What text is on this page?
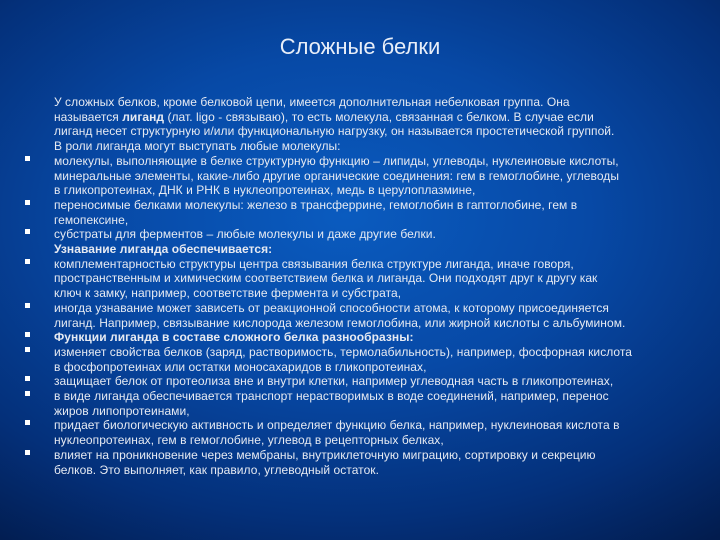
Сложные белки
У сложных белков, кроме белковой цепи, имеется дополнительная небелковая группа. Она
называется лиганд (лат. ligo - связываю), то есть молекула, связанная с белком. В случае если
лиганд несет структурную и/или функциональную нагрузку, он называется простетической группой.
В роли лиганда могут выступать любые молекулы:
молекулы, выполняющие в белке структурную функцию – липиды, углеводы, нуклеиновые кислоты,
минеральные элементы, какие-либо другие органические соединения: гем в гемоглобине, углеводы
в гликопротеинах, ДНК и РНК в нуклеопротеинах, медь в церулоплазмине,
переносимые белками молекулы: железо в трансферрине, гемоглобин в гаптоглобине, гем в
гемопексине,
субстраты для ферментов – любые молекулы и даже другие белки.
Узнавание лиганда обеспечивается:
комплементарностью структуры центра связывания белка структуре лиганда, иначе говоря,
пространственным и химическим соответствием белка и лиганда. Они подходят друг к другу как
ключ к замку, например, соответствие фермента и субстрата,
иногда узнавание может зависеть от реакционной способности атома, к которому присоединяется
лиганд. Например, связывание кислорода железом гемоглобина, или жирной кислоты с альбумином.
Функции лиганда в составе сложного белка разнообразны:
изменяет свойства белков (заряд, растворимость, термолабильность), например, фосфорная кислота
в фосфопротеинах или остатки моносахаридов в гликопротеинах,
защищает белок от протеолиза вне и внутри клетки, например углеводная часть в гликопротеинах,
в виде лиганда обеспечивается транспорт нерастворимых в воде соединений, например, перенос
жиров липопротеинами,
придает биологическую активность и определяет функцию белка, например, нуклеиновая кислота в
нуклеопротеинах, гем в гемоглобине, углевод в рецепторных белках,
влияет на проникновение через мембраны, внутриклеточную миграцию, сортировку и секрецию
белков. Это выполняет, как правило, углеводный остаток.
